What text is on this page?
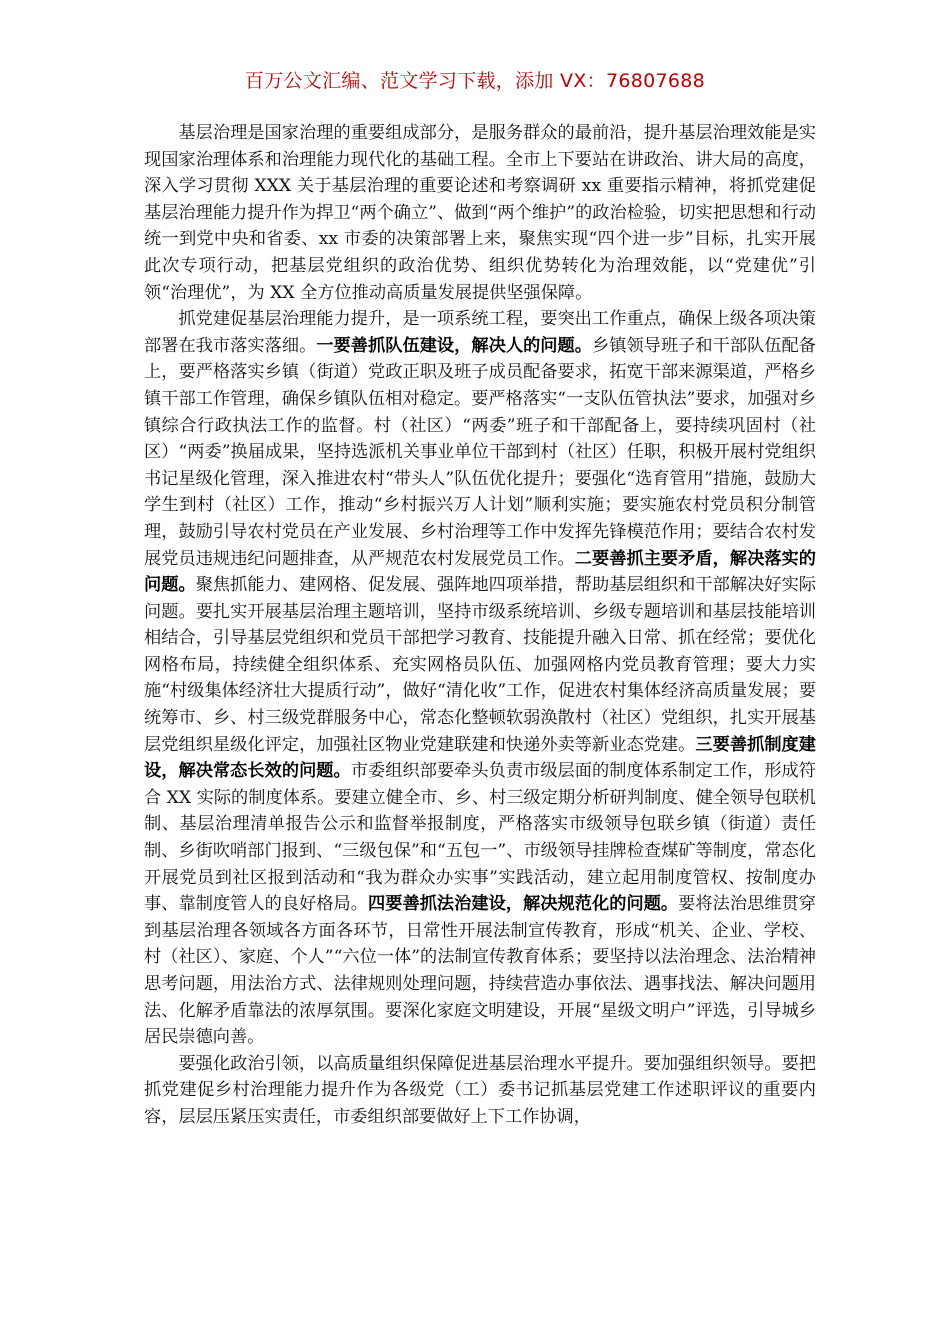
百万公文汇编、范文学习下载，添加 VX：76807688

基层治理是国家治理的重要组成部分，是服务群众的最前沿，提升基层治理效能是实现国家治理体系和治理能力现代化的基础工程。全市上下要站在讲政治、讲大局的高度，深入学习贯彻 XXX 关于基层治理的重要论述和考察调研 xx 重要指示精神，将抓党建促基层治理能力提升作为捍卫“两个确立”、做到“两个维护”的政治检验，切实把思想和行动统一到党中央和省委、xx 市委的决策部署上来，聚焦实现“四个进一步”目标，扎实开展此次专项行动，把基层党组织的政治优势、组织优势转化为治理效能，以“党建优”引领“治理优”，为 XX 全方位推动高质量发展提供坚强保障。

抓党建促基层治理能力提升，是一项系统工程，要突出工作重点，确保上级各项决策部署在我市落实落细。一要善抓队伍建设，解决人的问题。乡镇领导班子和干部队伍配备上，要严格落实乡镇（街道）党政正职及班子成员配备要求，拓宽干部来源渠道，严格乡镇干部工作管理，确保乡镇队伍相对稳定。要严格落实“一支队伍管执法”要求，加强对乡镇综合行政执法工作的监督。村（社区）“两委”班子和干部配备上，要持续巩固村（社区）“两委”换届成果，坚持选派机关事业单位干部到村（社区）任职，积极开展村党组织书记星级化管理，深入推进农村“带头人”队伍优化提升；要强化“选育管用”措施，鼓励大学生到村（社区）工作，推动“乡村振兴万人计划”顺利实施；要实施农村党员积分制管理，鼓励引导农村党员在产业发展、乡村治理等工作中发挥先锋模范作用；要结合农村发展党员违规违纪问题排查，从严规范农村发展党员工作。二要善抓主要矛盾，解决落实的问题。聚焦抓能力、建网格、促发展、强阵地四项举措，帮助基层组织和干部解决好实际问题。要扎实开展基层治理主题培训，坚持市级系统培训、乡级专题培训和基层技能培训相结合，引导基层党组织和党员干部把学习教育、技能提升融入日常、抓在经常；要优化网格布局，持续健全组织体系、充实网格员队伍、加强网格内党员教育管理；要大力实施“村级集体经济壮大提质行动”，做好“清化收”工作，促进农村集体经济高质量发展；要统筹市、乡、村三级党群服务中心，常态化整顿软弱涣散村（社区）党组织，扎实开展基层党组织星级化评定，加强社区物业党建联建和快递外卖等新业态党建。三要善抓制度建设，解决常态长效的问题。市委组织部要牵头负责市级层面的制度体系制定工作，形成符合 XX 实际的制度体系。要建立健全市、乡、村三级定期分析研判制度、健全领导包联机制、基层治理清单报告公示和监督举报制度，严格落实市级领导包联乡镇（街道）责任制、乡街吹哨部门报到、“三级包保”和“五包一”、市级领导挂牌检查煤矿等制度，常态化开展党员到社区报到活动和“我为群众办实事”实践活动，建立起用制度管权、按制度办事、靠制度管人的良好格局。四要善抓法治建设，解决规范化的问题。要将法治思维贯穿到基层治理各领域各方面各环节，日常性开展法制宣传教育，形成“机关、企业、学校、村（社区）、家庭、个人”“六位一体”的法制宣传教育体系；要坚持以法治理念、法治精神思考问题，用法治方式、法律规则处理问题，持续营造办事依法、遇事找法、解决问题用法、化解矛盾靠法的浓厚氛围。要深化家庭文明建设，开展“星级文明户”评选，引导城乡居民崇德向善。

要强化政治引领，以高质量组织保障促进基层治理水平提升。要加强组织领导。要把抓党建促乡村治理能力提升作为各级党（工）委书记抓基层党建工作述职评议的重要内容，层层压紧压实责任，市委组织部要做好上下工作协调，
